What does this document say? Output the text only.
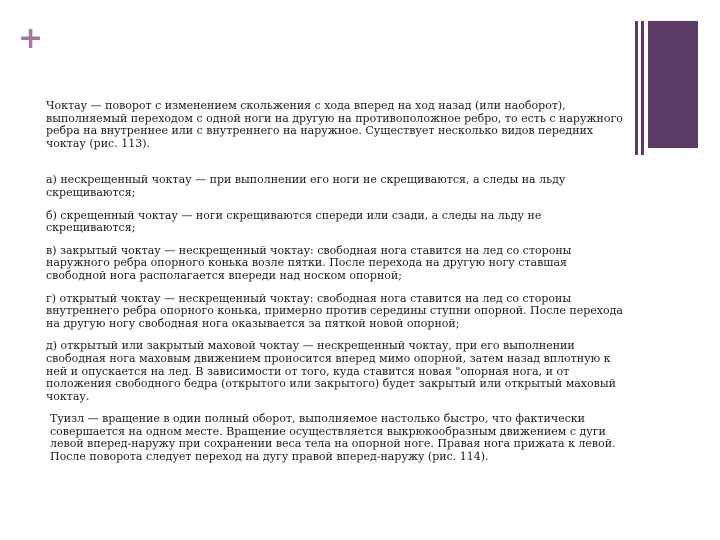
+

Чоктау — поворот с изменением скольжения с хода вперед на ход назад (или наоборот), выполняемый переходом с одной ноги на другую на противоположное ребро, то есть с наружного ребра на внутреннее или с внутреннего на наружное. Существует несколько видов передних чоктау (рис. 113).

а) нескрещенный чоктау — при выполнении его ноги не скрещиваются, а следы на льду скрещиваются;

б) скрещенный чоктау — ноги скрещиваются спереди или сзади, а следы на льду не скрещиваются;

в) закрытый чоктау — нескрещенный чоктау: свободная нога ставится на лед со стороны наружного ребра опорного конька возле пятки. После перехода на другую ногу ставшая свободной нога располагается впереди над носком опорной;

г) открытый чоктау — нескрещенный чоктау: свободная нога ставится на лед со стороны внутреннего ребра опорного конька, примерно против середины ступни опорной. После перехода на другую ногу свободная нога оказывается за пяткой новой опорной;

д) открытый или закрытый маховой чоктау — нескрещенный чоктау, при его выполнении свободная нога маховым движением проносится вперед мимо опорной, затем назад вплотную к ней и опускается на лед. В зависимости от того, куда ставится новая "опорная нога, и от положения свободного бедра (открытого или закрытого) будет закрытый или открытый маховый чоктау.

Туизл — вращение в один полный оборот, выполняемое настолько быстро, что фактически совершается на одном месте. Вращение осуществляется выкрюкообразным движением с дуги левой вперед-наружу при сохранении веса тела на опорной ноге. Правая нога прижата к левой. После поворота следует переход на дугу правой вперед-наружу (рис. 114).
